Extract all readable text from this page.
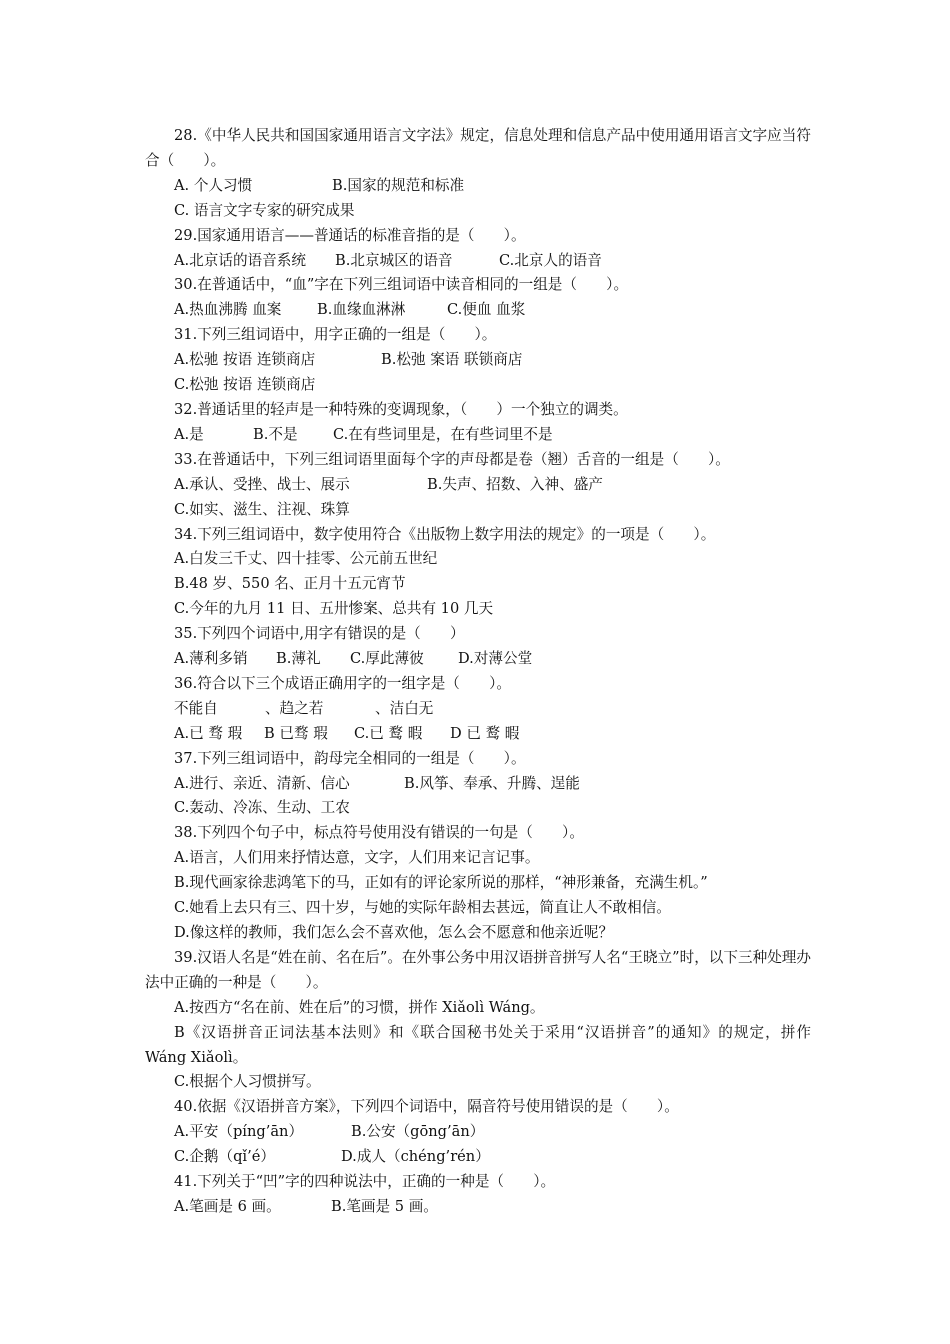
28.《中华人民共和国国家通用语言文字法》规定，信息处理和信息产品中使用通用语言文字应当符合（　　）。
A. 个人习惯	B.国家的规范和标准
C. 语言文字专家的研究成果
29.国家通用语言——普通话的标准音指的是（　　）。
A.北京话的语音系统 B.北京城区的语音	C.北京人的语音
30.在普通话中，“血”字在下列三组词语中读音相同的一组是（　　）。
A.热血沸腾 血案 B.血缘血淋淋	C.便血 血浆
31.下列三组词语中，用字正确的一组是（　　）。
A.松驰 按语 连锁商店	B.松弛 案语 联锁商店
C.松弛 按语 连锁商店
32.普通话里的轻声是一种特殊的变调现象，（　　）一个独立的调类。
A.是	B.不是 C.在有些词里是，在有些词里不是
33.在普通话中，下列三组词语里面每个字的声母都是卷（翘）舌音的一组是（　　）。
A.承认、受挫、战士、展示	B.失声、招数、入神、盛产
C.如实、滋生、注视、珠算
34.下列三组词语中，数字使用符合《出版物上数字用法的规定》的一项是（　　）。
A.白发三千丈、四十挂零、公元前五世纪
B.48 岁、550 名、正月十五元宵节
C.今年的九月 11 日、五卅惨案、总共有 10 几天
35.下列四个词语中,用字有错误的是（　　）
A.薄利多销 B.薄礼 C.厚此薄彼 D.对薄公堂
36.符合以下三个成语正确用字的一组字是（　　）。
不能自	、趋之若	、洁白无
A.已 骛 瑕 B 已骛 瑕 C.已 鹜 暇 D 已 鹜 暇
37.下列三组词语中，韵母完全相同的一组是（　　）。
A.进行、亲近、清新、信心	B.风筝、奉承、升腾、逞能
C.轰动、冷冻、生动、工农
38.下列四个句子中，标点符号使用没有错误的一句是（　　）。
A.语言，人们用来抒情达意，文字，人们用来记言记事。
B.现代画家徐悲鸿笔下的马，正如有的评论家所说的那样，“神形兼备，充满生机。”
C.她看上去只有三、四十岁，与她的实际年龄相去甚远，简直让人不敢相信。
D.像这样的教师，我们怎么会不喜欢他，怎么会不愿意和他亲近呢？
39.汉语人名是“姓在前、名在后”。在外事公务中用汉语拼音拼写人名“王晓立”时，以下三种处理办法中正确的一种是（　　）。
A.按西方“名在前、姓在后”的习惯，拼作 Xiǎolì Wáng。
B《汉语拼音正词法基本法则》和《联合国秘书处关于采用“汉语拼音”的通知》的规定，拼作 Wáng Xiǎolì。
C.根据个人习惯拼写。
40.依据《汉语拼音方案》，下列四个词语中，隔音符号使用错误的是（　　）。
A.平安（píng’ān）	B.公安（gōng’ān）
C.企鹅（qǐ’é）	D.成人（chéng’rén）
41.下列关于“凹”字的四种说法中，正确的一种是（　　）。
A.笔画是 6 画。	B.笔画是 5 画。
